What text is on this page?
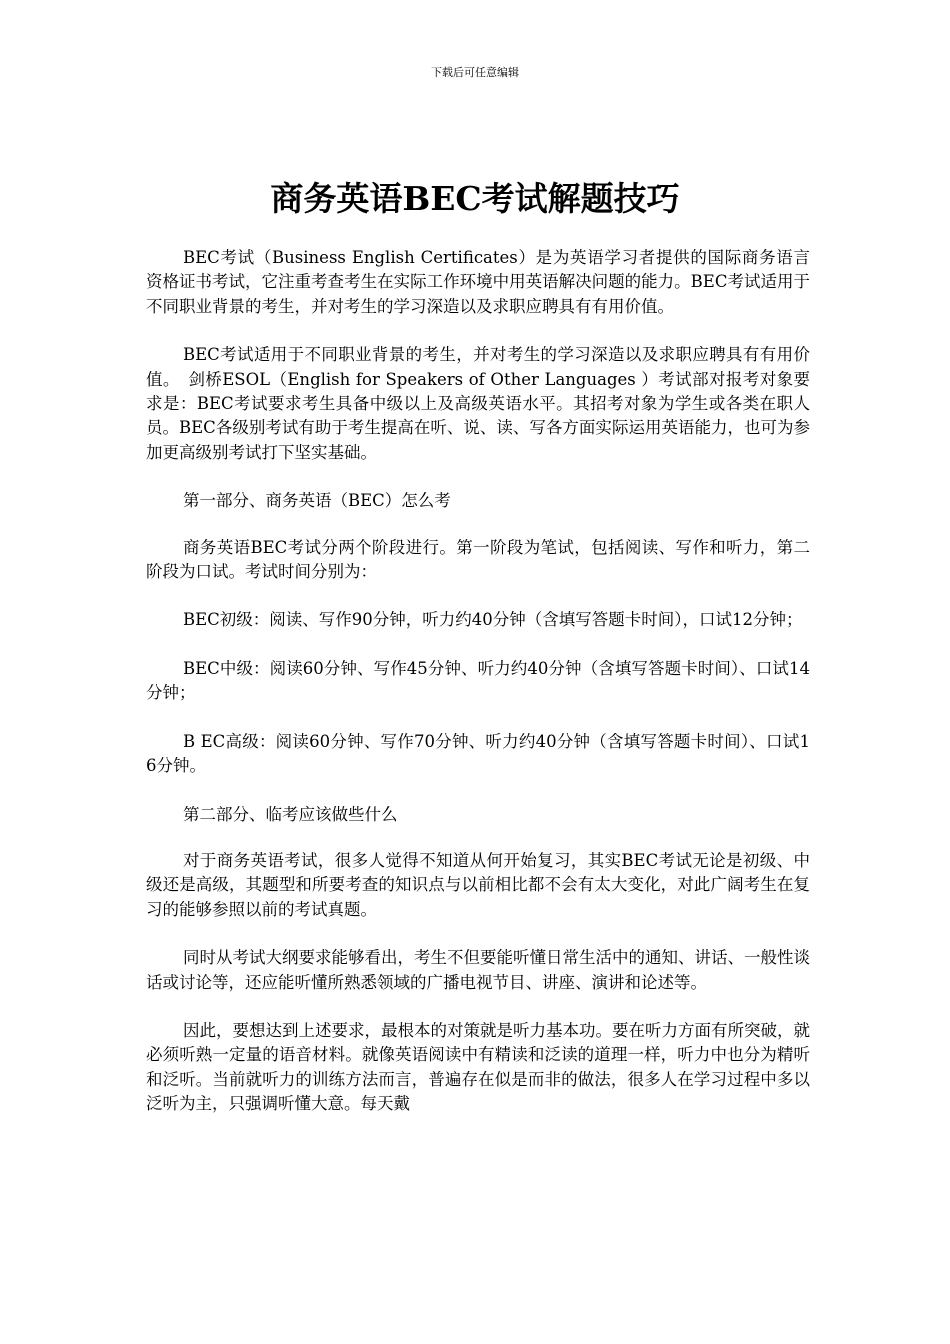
下载后可任意编辑
商务英语BEC考试解题技巧

BEC考试（Business English Certificates）是为英语学习者提供的国际商务语言资格证书考试，它注重考查考生在实际工作环境中用英语解决问题的能力。BEC考试适用于不同职业背景的考生，并对考生的学习深造以及求职应聘具有有用价值。

BEC考试适用于不同职业背景的考生，并对考生的学习深造以及求职应聘具有有用价值。　剑桥ESOL（English for Speakers of Other Languages ）考试部对报考对象要求是：BEC考试要求考生具备中级以上及高级英语水平。其招考对象为学生或各类在职人员。BEC各级别考试有助于考生提高在听、说、读、写各方面实际运用英语能力，也可为参加更高级别考试打下坚实基础。

第一部分、商务英语（BEC）怎么考

商务英语BEC考试分两个阶段进行。第一阶段为笔试，包括阅读、写作和听力，第二阶段为口试。考试时间分别为：

BEC初级：阅读、写作90分钟，听力约40分钟（含填写答题卡时间），口试12分钟；

BEC中级：阅读60分钟、写作45分钟、听力约40分钟（含填写答题卡时间）、口试14分钟；

B EC高级：阅读60分钟、写作70分钟、听力约40分钟（含填写答题卡时间）、口试16分钟。

第二部分、临考应该做些什么

对于商务英语考试，很多人觉得不知道从何开始复习，其实BEC考试无论是初级、中级还是高级，其题型和所要考查的知识点与以前相比都不会有太大变化，对此广阔考生在复习的能够参照以前的考试真题。

同时从考试大纲要求能够看出，考生不但要能听懂日常生活中的通知、讲话、一般性谈话或讨论等，还应能听懂所熟悉领域的广播电视节目、讲座、演讲和论述等。

因此，要想达到上述要求，最根本的对策就是听力基本功。要在听力方面有所突破，就必须听熟一定量的语音材料。就像英语阅读中有精读和泛读的道理一样，听力中也分为精听和泛听。当前就听力的训练方法而言，普遍存在似是而非的做法，很多人在学习过程中多以泛听为主，只强调听懂大意。每天戴
